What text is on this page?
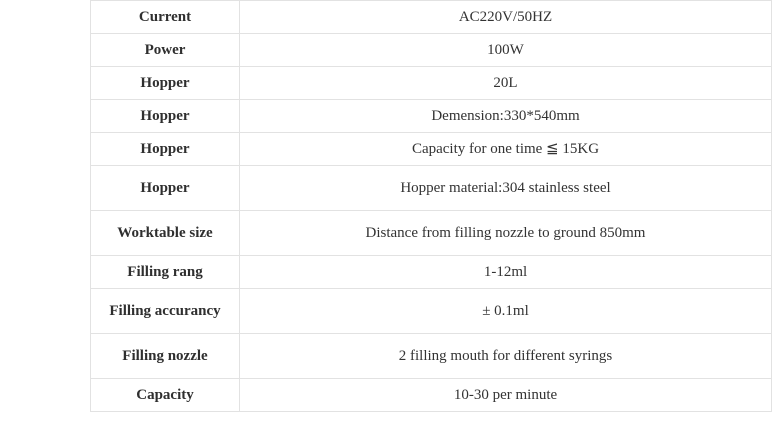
Current	AC220V/50HZ
Power	100W
Hopper	20L
Hopper	Demension:330*540mm
Hopper	Capacity for one time ≦ 15KG
Hopper	Hopper material:304 stainless steel
Worktable size	Distance from filling nozzle to ground 850mm
Filling rang	1-12ml
Filling accurancy	± 0.1ml
Filling nozzle	2 filling mouth for different syrings
Capacity	10-30 per minute
